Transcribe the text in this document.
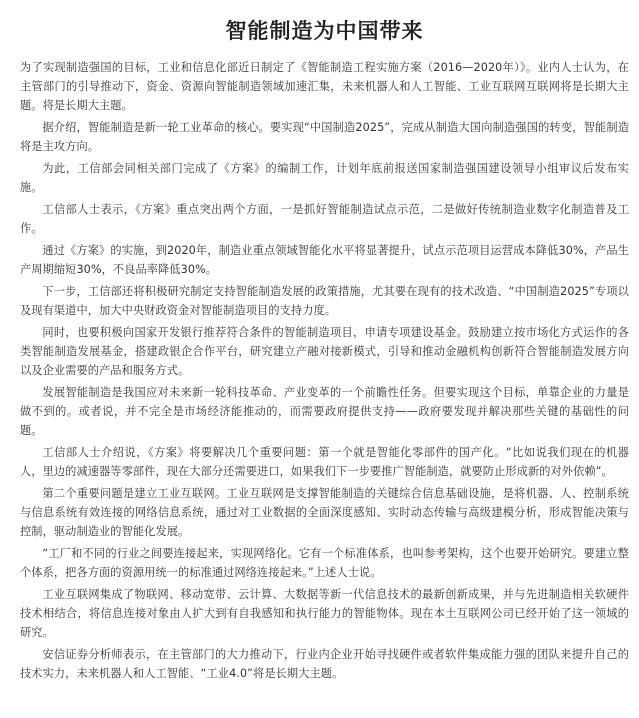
智能制造为中国带来

为了实现制造强国的目标，工业和信息化部近日制定了《智能制造工程实施方案（2016—2020年）》。业内人士认为，在主管部门的引导推动下，资金、资源向智能制造领域加速汇集，未来机器人和人工智能、工业互联网互联网将是长期大主题。将是长期大主题。

据介绍，智能制造是新一轮工业革命的核心。要实现“中国制造2025”，完成从制造大国向制造强国的转变，智能制造将是主攻方向。

为此，工信部会同相关部门完成了《方案》的编制工作，计划年底前报送国家制造强国建设领导小组审议后发布实施。

工信部人士表示，《方案》重点突出两个方面，一是抓好智能制造试点示范，二是做好传统制造业数字化制造普及工作。

通过《方案》的实施，到2020年，制造业重点领域智能化水平将显著提升，试点示范项目运营成本降低30%，产品生产周期缩短30%，不良品率降低30%。

下一步，工信部还将积极研究制定支持智能制造发展的政策措施，尤其要在现有的技术改造、“中国制造2025”专项以及现有渠道中，加大中央财政资金对智能制造项目的支持力度。

同时，也要积极向国家开发银行推荐符合条件的智能制造项目，申请专项建设基金。鼓励建立按市场化方式运作的各类智能制造发展基金，搭建政银企合作平台，研究建立产融对接新模式，引导和推动金融机构创新符合智能制造发展方向以及企业需要的产品和服务方式。

发展智能制造是我国应对未来新一轮科技革命、产业变革的一个前瞻性任务。但要实现这个目标，单靠企业的力量是做不到的。或者说，并不完全是市场经济能推动的，而需要政府提供支持——政府要发现并解决那些关键的基础性的问题。

工信部人士介绍说，《方案》将要解决几个重要问题：第一个就是智能化零部件的国产化。“比如说我们现在的机器人，里边的减速器等零部件，现在大部分还需要进口，如果我们下一步要推广智能制造，就要防止形成新的对外依赖”。

第二个重要问题是建立工业互联网。工业互联网是支撑智能制造的关键综合信息基础设施，是将机器、人、控制系统与信息系统有效连接的网络信息系统，通过对工业数据的全面深度感知、实时动态传输与高级建模分析，形成智能决策与控制，驱动制造业的智能化发展。

“工厂和不同的行业之间要连接起来，实现网络化。它有一个标准体系，也叫参考架构，这个也要开始研究。要建立整个体系，把各方面的资源用统一的标准通过网络连接起来。”上述人士说。

工业互联网集成了物联网、移动宽带、云计算、大数据等新一代信息技术的最新创新成果，并与先进制造相关软硬件技术相结合，将信息连接对象由人扩大到有自我感知和执行能力的智能物体。现在本土互联网公司已经开始了这一领域的研究。

安信证券分析师表示，在主管部门的大力推动下，行业内企业开始寻找硬件或者软件集成能力强的团队来提升自己的技术实力，未来机器人和人工智能、“工业4.0”将是长期大主题。
